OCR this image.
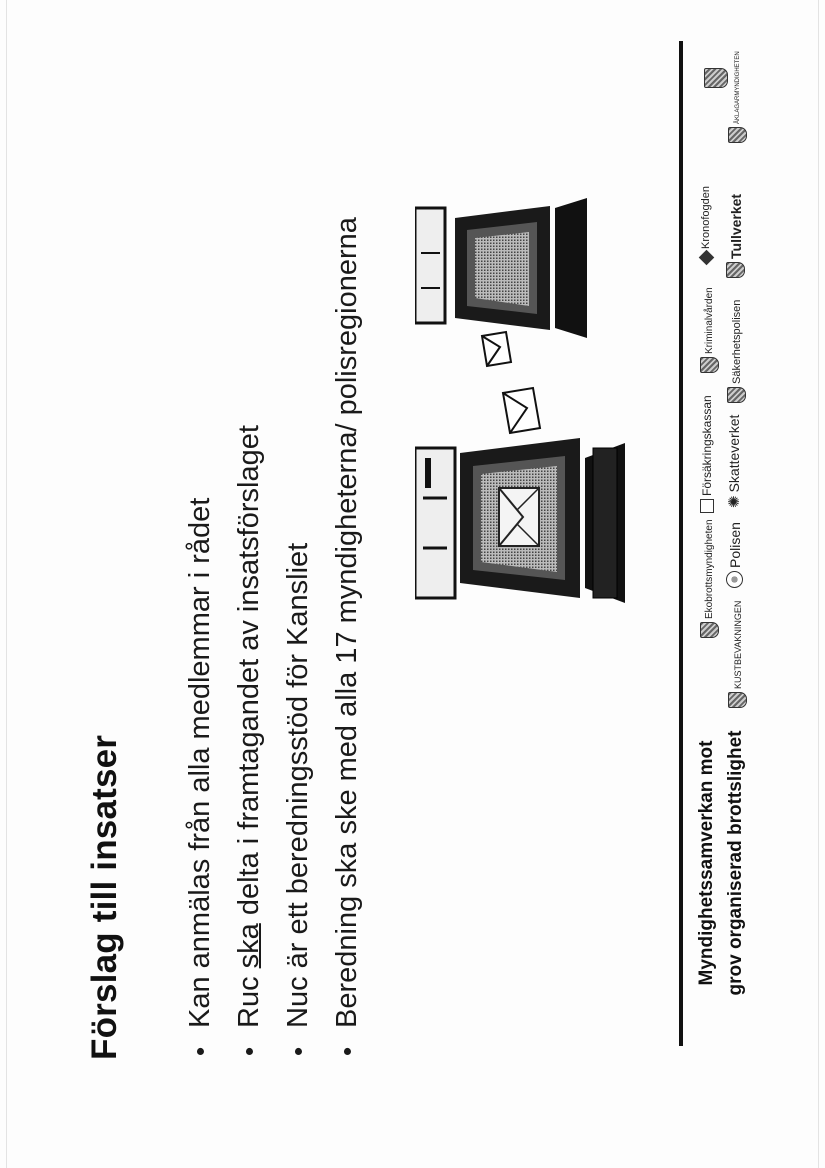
Förslag till insatser	•
Kan anmälas från alla medlemmar i rådet
•
Ruc ska delta i framtagandet av insatsförslaget
•
Nuc är ett beredningsstöd för Kansliet
•
Beredning ska ske med alla 17 myndigheterna/ polisregionerna	Myndighetssamverkan mot grov organiserad brottslighet
Ekobrottsmyndigheten
Försäkringskassan
Kriminalvården
Kronofogden
KUSTBEVAKNINGEN
Polisen
✺
Skatteverket
Säkerhetspolisen
Tullverket
ÅKLAGARMYNDIGHETEN
